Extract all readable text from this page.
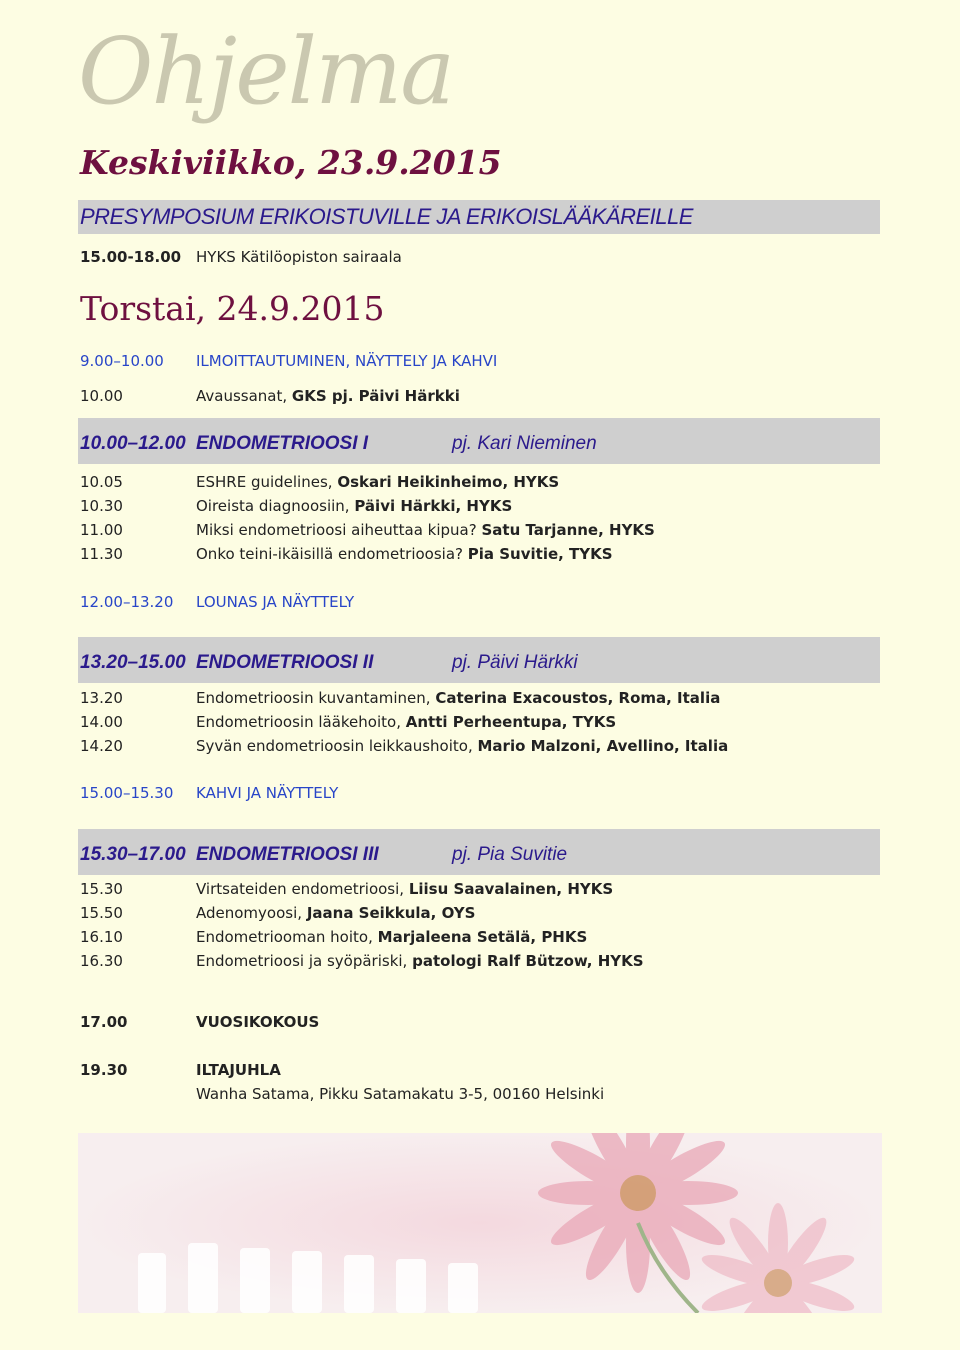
Ohjelma
Keskiviikko, 23.9.2015
PRESYMPOSIUM ERIKOISTUVILLE JA ERIKOISLÄÄKÄREILLE
15.00-18.00 HYKS Kätilöopiston sairaala
Torstai, 24.9.2015
9.00–10.00 ILMOITTAUTUMINEN, NÄYTTELY JA KAHVI
10.00	Avaussanat, GKS pj. Päivi Härkki
10.00–12.00 ENDOMETRIOOSI I	pj. Kari Nieminen
10.05	ESHRE guidelines, Oskari Heikinheimo, HYKS
10.30	Oireista diagnoosiin, Päivi Härkki, HYKS
11.00	Miksi endometrioosi aiheuttaa kipua? Satu Tarjanne, HYKS
11.30	Onko teini-ikäisillä endometrioosia? Pia Suvitie, TYKS
12.00–13.20 LOUNAS JA NÄYTTELY
13.20–15.00 ENDOMETRIOOSI II	pj. Päivi Härkki
13.20	Endometrioosin kuvantaminen, Caterina Exacoustos, Roma, Italia
14.00	Endometrioosin lääkehoito, Antti Perheentupa, TYKS
14.20	Syvän endometrioosin leikkaushoito, Mario Malzoni, Avellino, Italia
15.00–15.30 KAHVI JA NÄYTTELY
15.30–17.00 ENDOMETRIOOSI III	pj. Pia Suvitie
15.30	Virtsateiden endometrioosi, Liisu Saavalainen, HYKS
15.50	Adenomyoosi, Jaana Seikkula, OYS
16.10	Endometriooman hoito, Marjaleena Setälä, PHKS
16.30	Endometrioosi ja syöpäriski, patologi Ralf Bützow, HYKS
17.00	VUOSIKOKOUS
19.30	ILTAJUHLA
Wanha Satama, Pikku Satamakatu 3-5, 00160 Helsinki
